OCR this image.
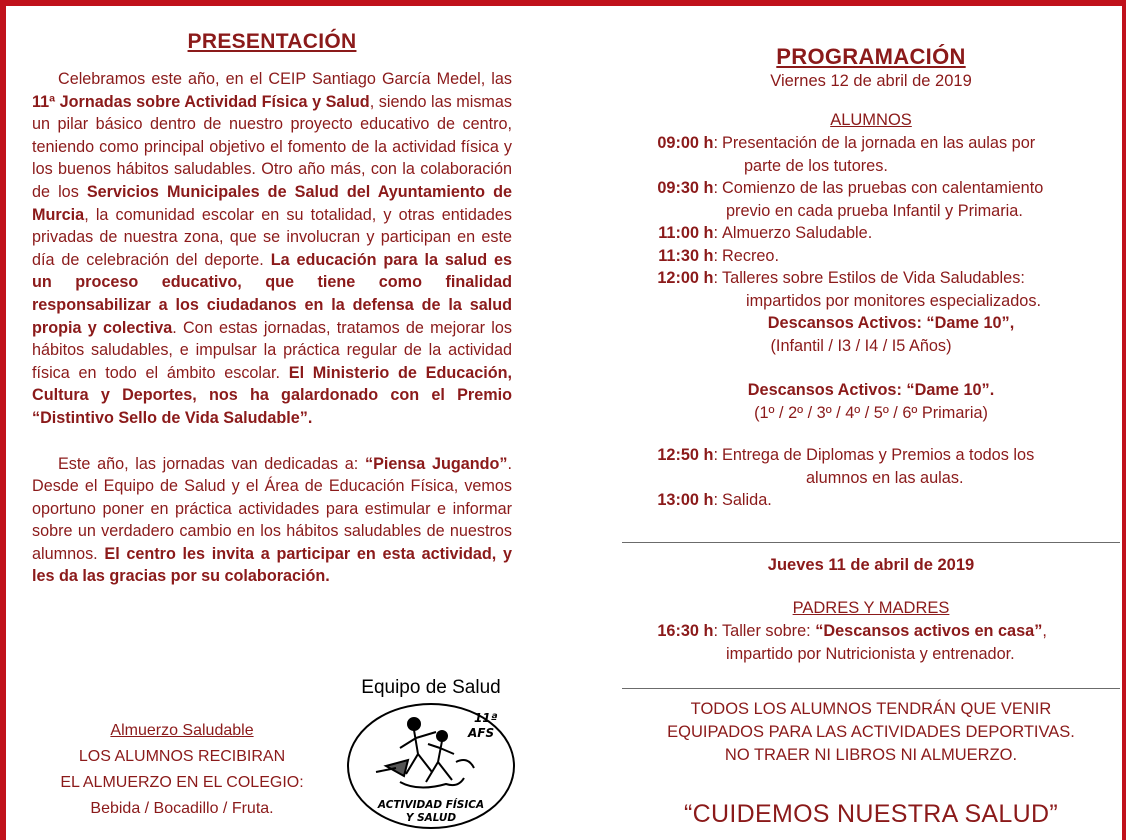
PRESENTACIÓN

Celebramos este año, en el CEIP Santiago García Medel, las 11ª Jornadas sobre Actividad Física y Salud, siendo las mismas un pilar básico dentro de nuestro proyecto educativo de centro, teniendo como principal objetivo el fomento de la actividad física y los buenos hábitos saludables. Otro año más, con la colaboración de los Servicios Municipales de Salud del Ayuntamiento de Murcia, la comunidad escolar en su totalidad, y otras entidades privadas de nuestra zona, que se involucran y participan en este día de celebración del deporte. La educación para la salud es un proceso educativo, que tiene como finalidad responsabilizar a los ciudadanos en la defensa de la salud propia y colectiva. Con estas jornadas, tratamos de mejorar los hábitos saludables, e impulsar la práctica regular de la actividad física en todo el ámbito escolar. El Ministerio de Educación, Cultura y Deportes, nos ha galardonado con el Premio “Distintivo Sello de Vida Saludable”.

Este año, las jornadas van dedicadas a: “Piensa Jugando”. Desde el Equipo de Salud y el Área de Educación Física, vemos oportuno poner en práctica actividades para estimular e informar sobre un verdadero cambio en los hábitos saludables de nuestros alumnos. El centro les invita a participar en esta actividad, y les da las gracias por su colaboración.

Almuerzo Saludable
LOS ALUMNOS RECIBIRAN
EL ALMUERZO EN EL COLEGIO:
Bebida / Bocadillo / Fruta.
Equipo de Salud
11ª
AFS
ACTIVIDAD FÍSICA
Y SALUD
PROGRAMACIÓN
Viernes 12 de abril de 2019
ALUMNOS
09:00 h: Presentación de la jornada en las aulas por
parte de los tutores.
09:30 h: Comienzo de las pruebas con calentamiento
previo en cada prueba Infantil y Primaria.
11:00 h: Almuerzo Saludable.
11:30 h: Recreo.
12:00 h: Talleres sobre Estilos de Vida Saludables:
impartidos por monitores especializados.
Descansos Activos: “Dame 10”,
(Infantil / I3 / I4 / I5 Años)
Descansos Activos: “Dame 10”.
(1º / 2º / 3º / 4º / 5º / 6º Primaria)
12:50 h: Entrega de Diplomas y Premios a todos los
alumnos en las aulas.
13:00 h: Salida.
Jueves 11 de abril de 2019
PADRES Y MADRES
16:30 h: Taller sobre: “Descansos activos en casa”,
impartido por Nutricionista y entrenador.
TODOS LOS ALUMNOS TENDRÁN QUE VENIR
EQUIPADOS PARA LAS ACTIVIDADES DEPORTIVAS.
NO TRAER NI LIBROS NI ALMUERZO.
“CUIDEMOS NUESTRA SALUD”
